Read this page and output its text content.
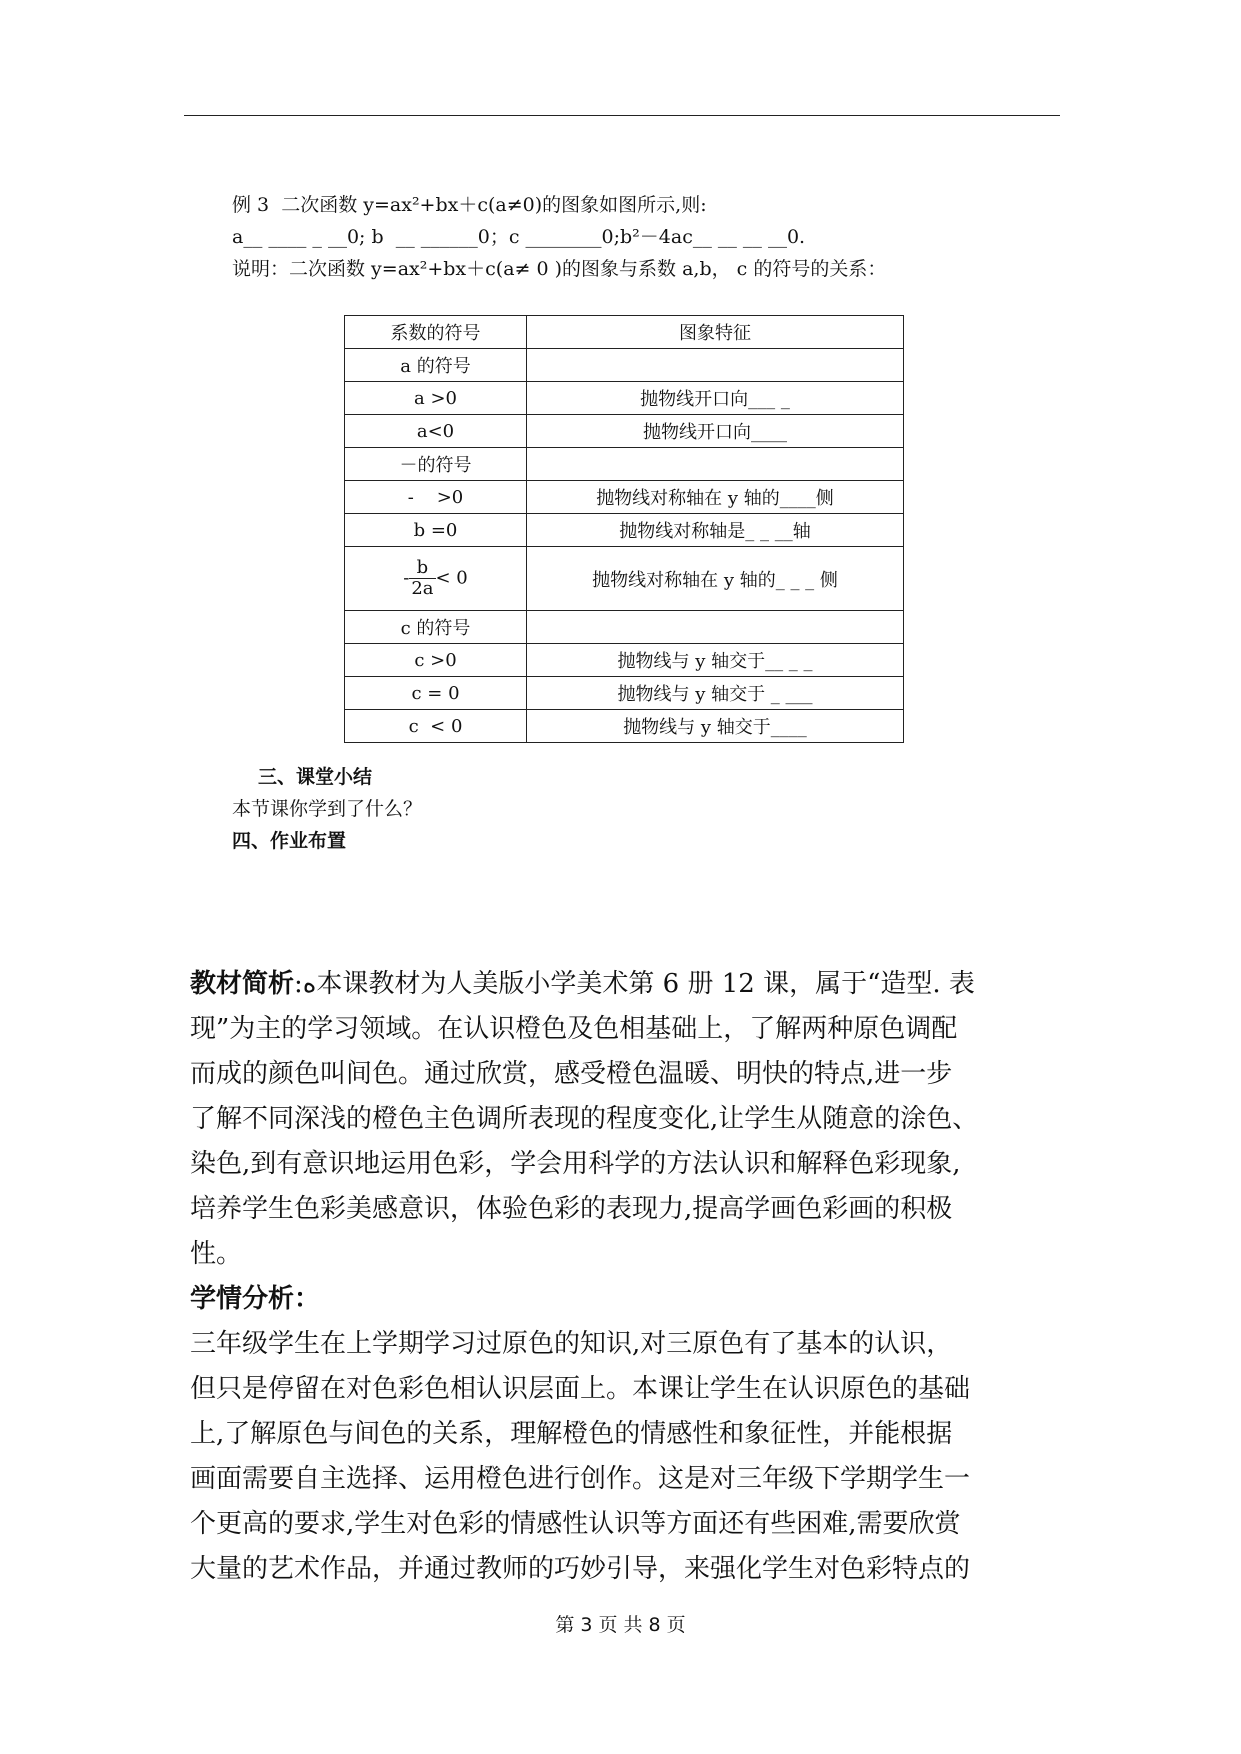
例 3  二次函数 y=ax²+bx＋c(a≠0)的图象如图所示,则:
a__ ____ _ __0; b  __ ______0；c ________0;b²－4ac__ __ __ __0.
说明：二次函数 y=ax²+bx＋c(a≠ 0 )的图象与系数 a,b， c 的符号的关系：
系数的符号	图象特征
a 的符号	
a >0	抛物线开口向___ _
a<0	抛物线开口向____
－的符号	
-    >0	抛物线对称轴在 y 轴的____侧
b =0	抛物线对称轴是_ _ __轴
- $\frac{b}{2a} < 0$	抛物线对称轴在 y 轴的_ _ _ 侧
c 的符号	
c >0	抛物线与 y 轴交于__ _ _
c = 0	抛物线与 y 轴交于 _ ___
c  < 0	抛物线与 y 轴交于____
三、课堂小结
本节课你学到了什么？
四、作业布置
教材简析:ﻩ本课教材为人美版小学美术第 6 册 12 课，属于“造型. 表
现”为主的学习领域。在认识橙色及色相基础上，了解两种原色调配
而成的颜色叫间色。通过欣赏，感受橙色温暖、明快的特点,进一步
了解不同深浅的橙色主色调所表现的程度变化,让学生从随意的涂色、
染色,到有意识地运用色彩，学会用科学的方法认识和解释色彩现象,
培养学生色彩美感意识，体验色彩的表现力,提高学画色彩画的积极
性。
学情分析：
三年级学生在上学期学习过原色的知识,对三原色有了基本的认识，
但只是停留在对色彩色相认识层面上。本课让学生在认识原色的基础
上,了解原色与间色的关系，理解橙色的情感性和象征性，并能根据
画面需要自主选择、运用橙色进行创作。这是对三年级下学期学生一
个更高的要求,学生对色彩的情感性认识等方面还有些困难,需要欣赏
大量的艺术作品，并通过教师的巧妙引导，来强化学生对色彩特点的
第 3 页 共 8 页
